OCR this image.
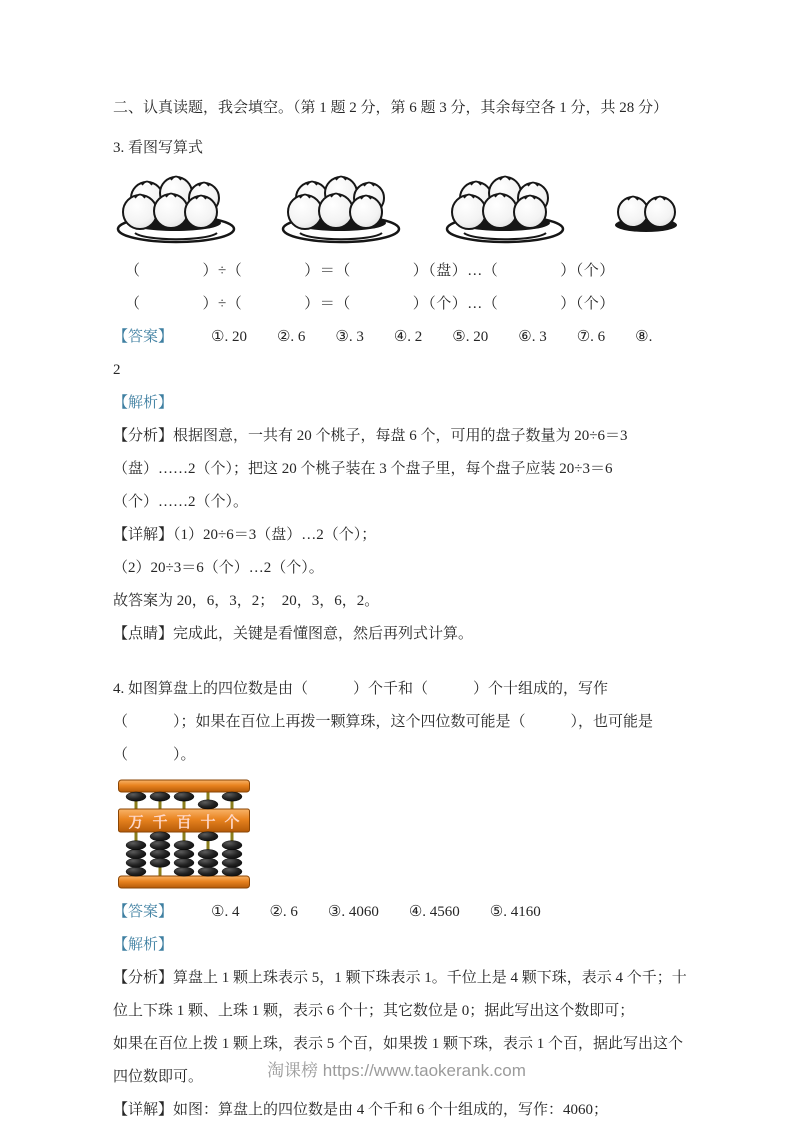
二、认真读题，我会填空。（第 1 题 2 分，第 6 题 3 分，其余每空各 1 分，共 28 分）

3. 看图写算式

（　　　　）÷（　　　　）＝（　　　　）（盘）…（　　　　）（个）

（　　　　）÷（　　　　）＝（　　　　）（个）…（　　　　）（个）

【答案】	①. 20　　②. 6　　③. 3　　④. 2　　⑤. 20　　⑥. 3　　⑦. 6　　⑧.

2

【解析】

【分析】根据图意，一共有 20 个桃子，每盘 6 个，可用的盘子数量为 20÷6＝3（盘）……2（个）；把这 20 个桃子装在 3 个盘子里，每个盘子应装 20÷3＝6（个）……2（个）。

【详解】（1）20÷6＝3（盘）…2（个）；

（2）20÷3＝6（个）…2（个）。

故答案为 20，6，3，2；  20，3，6，2。

【点睛】完成此，关键是看懂图意，然后再列式计算。

4. 如图算盘上的四位数是由（　　　）个千和（　　　）个十组成的，写作（　　　）；如果在百位上再拨一颗算珠，这个四位数可能是（　　　），也可能是（　　　）。

万 千 百 十 个

【答案】	①. 4　　②. 6　　③. 4060　　④. 4560　　⑤. 4160

【解析】

【分析】算盘上 1 颗上珠表示 5，1 颗下珠表示 1。千位上是 4 颗下珠，表示 4 个千；十位上下珠 1 颗、上珠 1 颗，表示 6 个十；其它数位是 0；据此写出这个数即可；

如果在百位上拨 1 颗上珠，表示 5 个百，如果拨 1 颗下珠，表示 1 个百，据此写出这个四位数即可。

【详解】如图：算盘上的四位数是由 4 个千和 6 个十组成的，写作：4060；

淘课榜 https://www.taokerank.com
